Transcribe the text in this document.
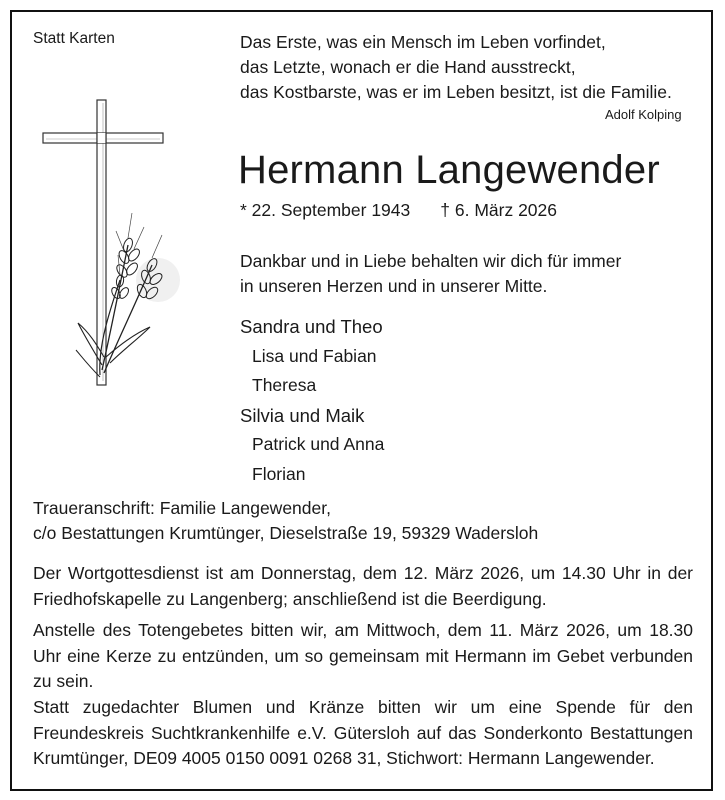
Statt Karten	Das Erste, was ein Mensch im Leben vorfindet,
das Letzte, wonach er die Hand ausstreckt,
das Kostbarste, was er im Leben besitzt, ist die Familie.
Adolf Kolping
Hermann Langewender
* 22. September 1943 † 6. März 2026
Dankbar und in Liebe behalten wir dich für immer
in unseren Herzen und in unserer Mitte.
Sandra und Theo
Lisa und Fabian
Theresa
Silvia und Maik
Patrick und Anna
Florian
Traueranschrift: Familie Langewender,
c/o Bestattungen Krumtünger, Dieselstraße 19, 59329 Wadersloh
Der Wortgottesdienst ist am Donnerstag, dem 12. März 2026, um 14.30 Uhr in der Friedhofskapelle zu Langenberg; anschließend ist die Beerdigung.
Anstelle des Totengebetes bitten wir, am Mittwoch, dem 11. März 2026, um 18.30 Uhr eine Kerze zu entzünden, um so gemeinsam mit Hermann im Gebet verbunden zu sein.
Statt zugedachter Blumen und Kränze bitten wir um eine Spende für den Freundeskreis Suchtkrankenhilfe e.V. Gütersloh auf das Sonderkonto Bestattungen Krumtünger, DE09 4005 0150 0091 0268 31, Stichwort: Hermann Langewender.
